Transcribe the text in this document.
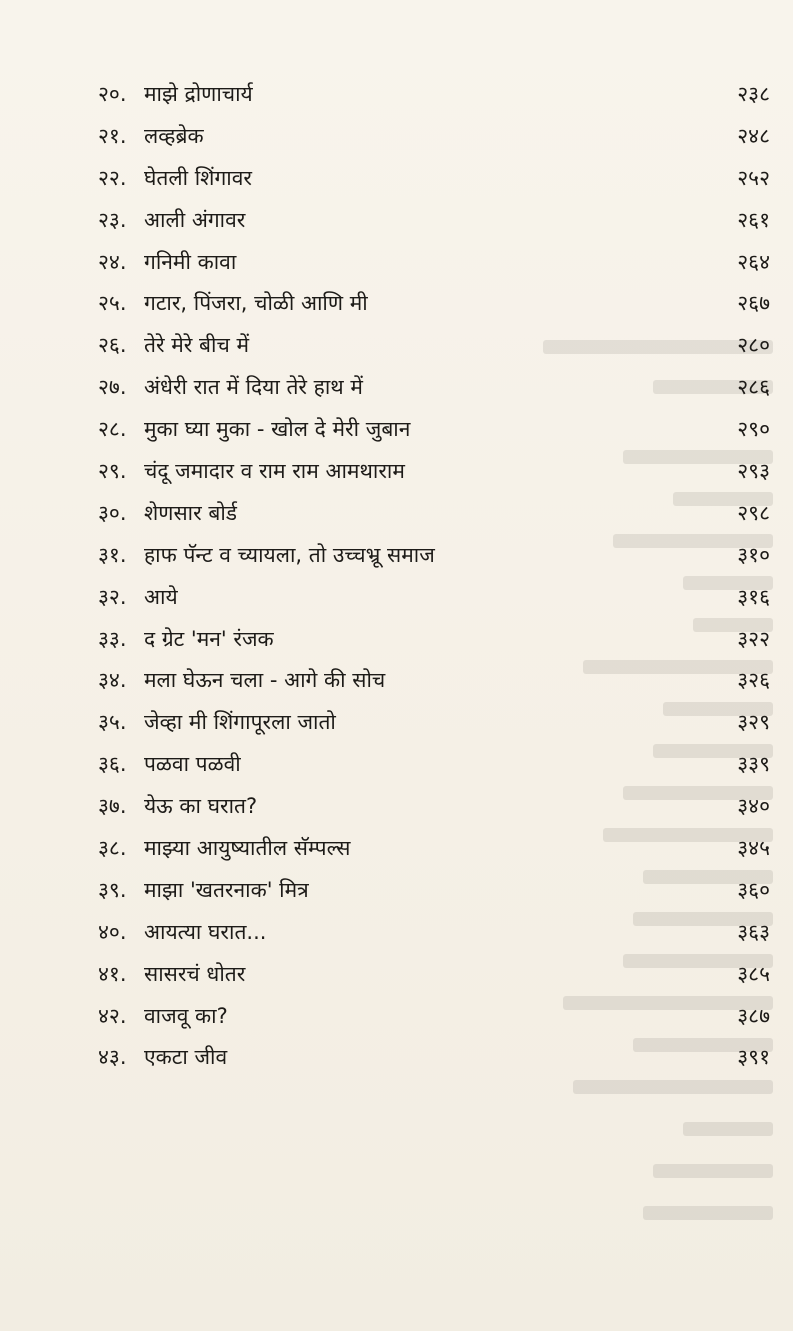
२०. माझे द्रोणाचार्य	२३८
२१. लव्हब्रेक	२४८
२२. घेतली शिंगावर	२५२
२३. आली अंगावर	२६१
२४. गनिमी कावा	२६४
२५. गटार, पिंजरा, चोळी आणि मी	२६७
२६. तेरे मेरे बीच में	२८०
२७. अंधेरी रात में दिया तेरे हाथ में	२८६
२८. मुका घ्या मुका - खोल दे मेरी जुबान	२९०
२९. चंदू जमादार व राम राम आमथाराम	२९३
३०. शेणसार बोर्ड	२९८
३१. हाफ पॅन्ट व च्यायला, तो उच्चभ्रू समाज	३१०
३२. आये	३१६
३३. द ग्रेट 'मन' रंजक	३२२
३४. मला घेऊन चला - आगे की सोच	३२६
३५. जेव्हा मी शिंगापूरला जातो	३२९
३६. पळवा पळवी	३३९
३७. येऊ का घरात?	३४०
३८. माझ्या आयुष्यातील सॅम्पल्स	३४५
३९. माझा 'खतरनाक' मित्र	३६०
४०. आयत्या घरात...	३६३
४१. सासरचं धोतर	३८५
४२. वाजवू का?	३८७
४३. एकटा जीव	३९१
